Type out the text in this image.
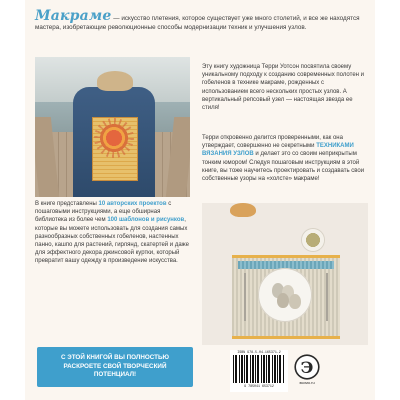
Макраме — искусство плетения, которое существует уже много столетий, и все же находятся мастера, изобретающие революционные способы модернизации техник и улучшения узлов.
Эту книгу художница Терри Уотсон посвятила своему уникальному подходу к созданию современных полотен и гобеленов в технике макраме, рожденных с использованием всего нескольких простых узлов. А вертикальный репсовый узел — настоящая звезда ее стиля!
Терри откровенно делится проверенными, как она утверждает, совершенно не секретными ТЕХНИКАМИ ВЯЗАНИЯ УЗЛОВ и делает это со своим неприкрытым тонким юмором! Следуя пошаговым инструкциям в этой книге, вы тоже научитесь проектировать и создавать свои собственные узоры на «холсте» макраме!
В книге представлены 10 авторских проектов с пошаговыми инструкциями, а еще обширная библиотека из более чем 100 шаблонов и рисунков, которые вы можете использовать для создания самых разнообразных собственных гобеленов, настенных панно, кашпо для растений, гирлянд, скатертей и даже для эффектного декора джинсовой куртки, который превратит вашу одежду в произведение искусства.
С ЭТОЙ КНИГОЙ ВЫ ПОЛНОСТЬЮ РАСКРОЕТЕ СВОЙ ТВОРЧЕСКИЙ ПОТЕНЦИАЛ!
ISBN 978-5-04-165371-2
9 785041 653712
Э
эксмо.ru
